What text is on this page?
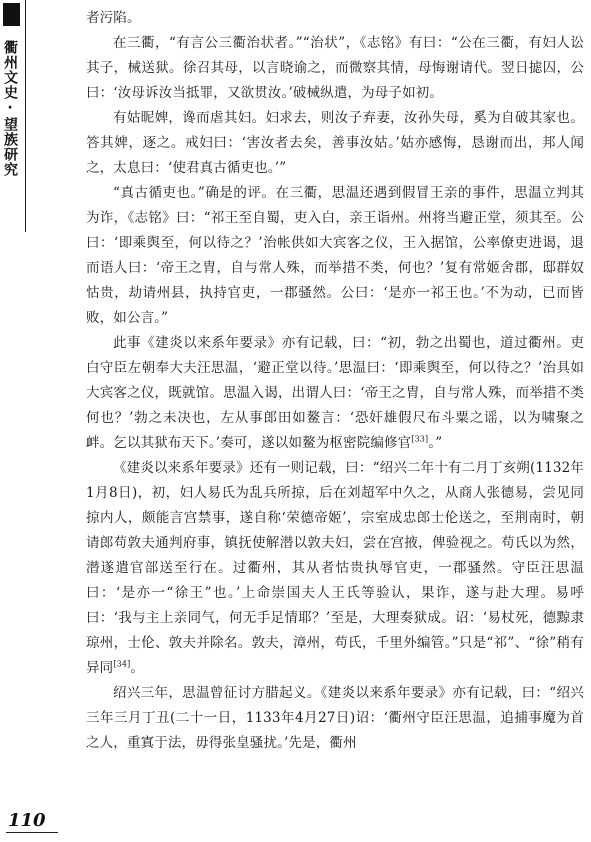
衢州文史·望族研究
110

者污陷。

在三衢，“有言公三衢治状者。”“治状”，《志铭》有曰：“公在三衢，有妇人讼其子，械送狱。徐召其母，以言晓谕之，而微察其情，母悔谢请代。翌日摅囚，公曰：‘汝母诉汝当抵罪，又欲贯汝。’破械纵遣，为母子如初。

有姑昵婢，谗而虐其妇。妇求去，则汝子弃妻，汝孙失母，奚为自破其家也。答其婢，逐之。戒妇曰：‘害汝者去矣，善事汝姑。’姑亦感悔，恳谢而出，邦人闻之，太息曰：‘使君真古循吏也。’”

“真古循吏也。”确是的评。在三衢，思温还遇到假冒王亲的事件，思温立判其为诈，《志铭》曰：“祁王至自蜀，吏入白，亲王诣州。州将当避正堂，须其至。公曰：‘即乘舆至，何以待之？’治帐供如大宾客之仪，王入据馆，公率僚吏进谒，退而语人曰：‘帝王之胄，自与常人殊，而举措不类，何也？’复有常姬舍郡，邸群奴怙贵，劫请州县，执持官吏，一郡骚然。公曰：‘是亦一祁王也。’不为动，已而皆败，如公言。”

此事《建炎以来系年要录》亦有记载，曰：“初，勃之出蜀也，道过衢州。吏白守臣左朝奉大夫汪思温，‘避正堂以待。’思温曰：‘即乘舆至，何以待之？’治具如大宾客之仪，既就馆。思温入谒，出谓人曰：‘帝王之胄，自与常人殊，而举措不类何也？’勃之未决也，左从事郎田如鳌言：‘恐奸雄假尺布斗粟之谣，以为啸聚之衅。乞以其狱布天下。’奏可，遂以如鳌为枢密院编修官[33]。”

《建炎以来系年要录》还有一则记载，曰：“绍兴二年十有二月丁亥朔(1132年1月8日)，初，妇人易氏为乱兵所掠，后在刘超军中久之，从商人张德易，尝见同掠内人，颇能言宫禁事，遂自称‘荣德帝姬’，宗室成忠郎士伦送之，至荆南时，朝请郎苟敦夫通判府事，镇抚使解潜以敦夫妇，尝在宫掖，俾验视之。苟氏以为然，潜遂遣官部送至行在。过衢州，其从者怙贵执辱官吏，一郡骚然。守臣汪思温曰：‘是亦一“徐王”也。’上命崇国夫人王氏等验认，果诈，遂与赴大理。易呼曰：‘我与主上亲同气，何无手足情耶？’至是，大理奏狱成。诏：‘易杖死，德黥隶琼州，士伦、敦夫并除名。敦夫，漳州，苟氏，千里外编管。”只是“祁”、“徐”稍有异同[34]。

绍兴三年，思温曾征讨方腊起义。《建炎以来系年要录》亦有记载，曰：“绍兴三年三月丁丑(二十一日，1133年4月27日)诏：‘衢州守臣汪思温，追捕事魔为首之人，重寘于法，毋得张皇骚扰。’先是，衢州
